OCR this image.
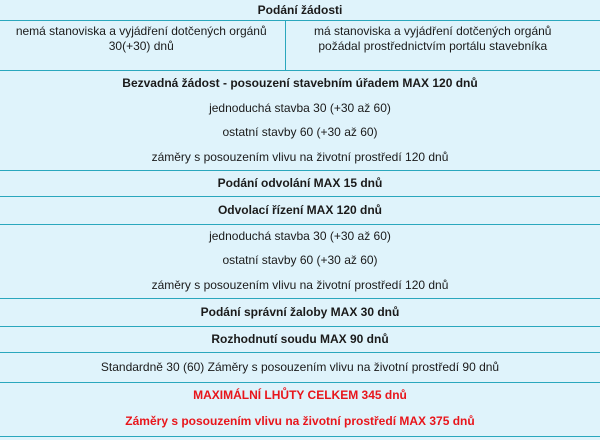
Podání žádosti
nemá stanoviska a vyjádření dotčených orgánů 30(+30) dnů
má stanoviska a vyjádření dotčených orgánů požádal prostřednictvím portálu stavebníka
Bezvadná žádost - posouzení stavebním úřadem MAX 120 dnů
jednoduchá stavba 30 (+30 až 60)
ostatní stavby 60 (+30 až 60)
záměry s posouzením vlivu na životní prostředí 120 dnů
Podání odvolání MAX 15 dnů
Odvolací řízení MAX 120 dnů
jednoduchá stavba 30 (+30 až 60)
ostatní stavby 60 (+30 až 60)
záměry s posouzením vlivu na životní prostředí 120 dnů
Podání správní žaloby MAX 30 dnů
Rozhodnutí soudu MAX 90 dnů
Standardně 30 (60) Záměry s posouzením vlivu na životní prostředí 90 dnů
MAXIMÁLNÍ LHŮTY CELKEM 345 dnů
Záměry s posouzením vlivu na životní prostředí MAX 375 dnů
